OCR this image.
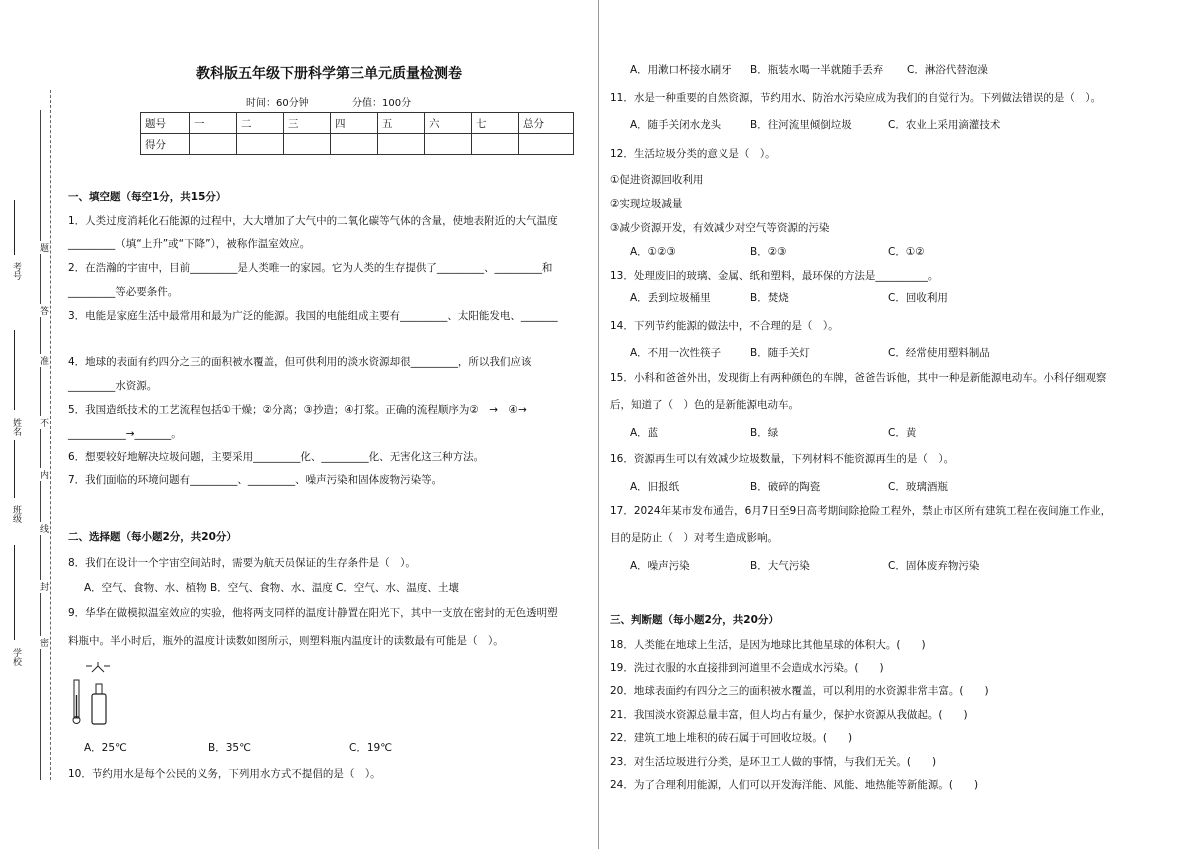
考号
姓名
班级
学校
题
答
准
不
内
线
封
密
教科版五年级下册科学第三单元质量检测卷
时间：60分钟	分值：100分
题号	一	二	三	四	五	六	七	总分
得分								
一、填空题（每空1分，共15分）
1．人类过度消耗化石能源的过程中，大大增加了大气中的二氧化碳等气体的含量，使地表附近的大气温度
_________（填“上升”或“下降”），被称作温室效应。
2．在浩瀚的宇宙中，目前_________是人类唯一的家园。它为人类的生存提供了_________、_________和
_________等必要条件。
3．电能是家庭生活中最常用和最为广泛的能源。我国的电能组成主要有_________、太阳能发电、_______
4．地球的表面有约四分之三的面积被水覆盖，但可供利用的淡水资源却很_________，所以我们应该
_________水资源。
5．我国造纸技术的工艺流程包括①干燥；②分离；③抄造；④打浆。正确的流程顺序为②　→　④→
___________→_______。
6．想要较好地解决垃圾问题，主要采用_________化、_________化、无害化这三种方法。
7．我们面临的环境问题有_________、_________、噪声污染和固体废物污染等。
二、选择题（每小题2分，共20分）
8．我们在设计一个宇宙空间站时，需要为航天员保证的生存条件是（　）。
A．空气、食物、水、植物 B．空气、食物、水、温度 C．空气、水、温度、土壤
9．华华在做模拟温室效应的实验，他将两支同样的温度计静置在阳光下，其中一支放在密封的无色透明塑
料瓶中。半小时后，瓶外的温度计读数如图所示，则塑料瓶内温度计的读数最有可能是（　）。
A．25℃	B．35℃	C．19℃
10．节约用水是每个公民的义务，下列用水方式不提倡的是（　）。
A．用漱口杯接水刷牙 B．瓶装水喝一半就随手丢弃 C．淋浴代替泡澡
11．水是一种重要的自然资源，节约用水、防治水污染应成为我们的自觉行为。下列做法错误的是（　）。
A．随手关闭水龙头	B．往河流里倾倒垃圾	C．农业上采用滴灌技术
12．生活垃圾分类的意义是（　）。
①促进资源回收利用
②实现垃圾减量
③减少资源开发，有效减少对空气等资源的污染
A．①②③	B．②③	C．①②
13．处理废旧的玻璃、金属、纸和塑料，最环保的方法是__________。
A．丢到垃圾桶里	B．焚烧	C．回收利用
14．下列节约能源的做法中，不合理的是（　）。
A．不用一次性筷子	B．随手关灯	C．经常使用塑料制品
15．小科和爸爸外出，发现街上有两种颜色的车牌，爸爸告诉他，其中一种是新能源电动车。小科仔细观察
后，知道了（　）色的是新能源电动车。
A．蓝	B．绿	C．黄
16．资源再生可以有效减少垃圾数量，下列材料不能资源再生的是（　）。
A．旧报纸	B．破碎的陶瓷	C．玻璃酒瓶
17．2024年某市发布通告，6月7日至9日高考期间除抢险工程外，禁止市区所有建筑工程在夜间施工作业，
目的是防止（　）对考生造成影响。
A．噪声污染	B．大气污染	C．固体废弃物污染
三、判断题（每小题2分，共20分）
18．人类能在地球上生活，是因为地球比其他星球的体积大。(　　)
19．洗过衣服的水直接排到河道里不会造成水污染。(　　)
20．地球表面约有四分之三的面积被水覆盖，可以利用的水资源非常丰富。(　　)
21．我国淡水资源总量丰富，但人均占有量少，保护水资源从我做起。(　　)
22．建筑工地上堆积的砖石属于可回收垃圾。(　　)
23．对生活垃圾进行分类，是环卫工人做的事情，与我们无关。(　　)
24．为了合理利用能源，人们可以开发海洋能、风能、地热能等新能源。(　　)
